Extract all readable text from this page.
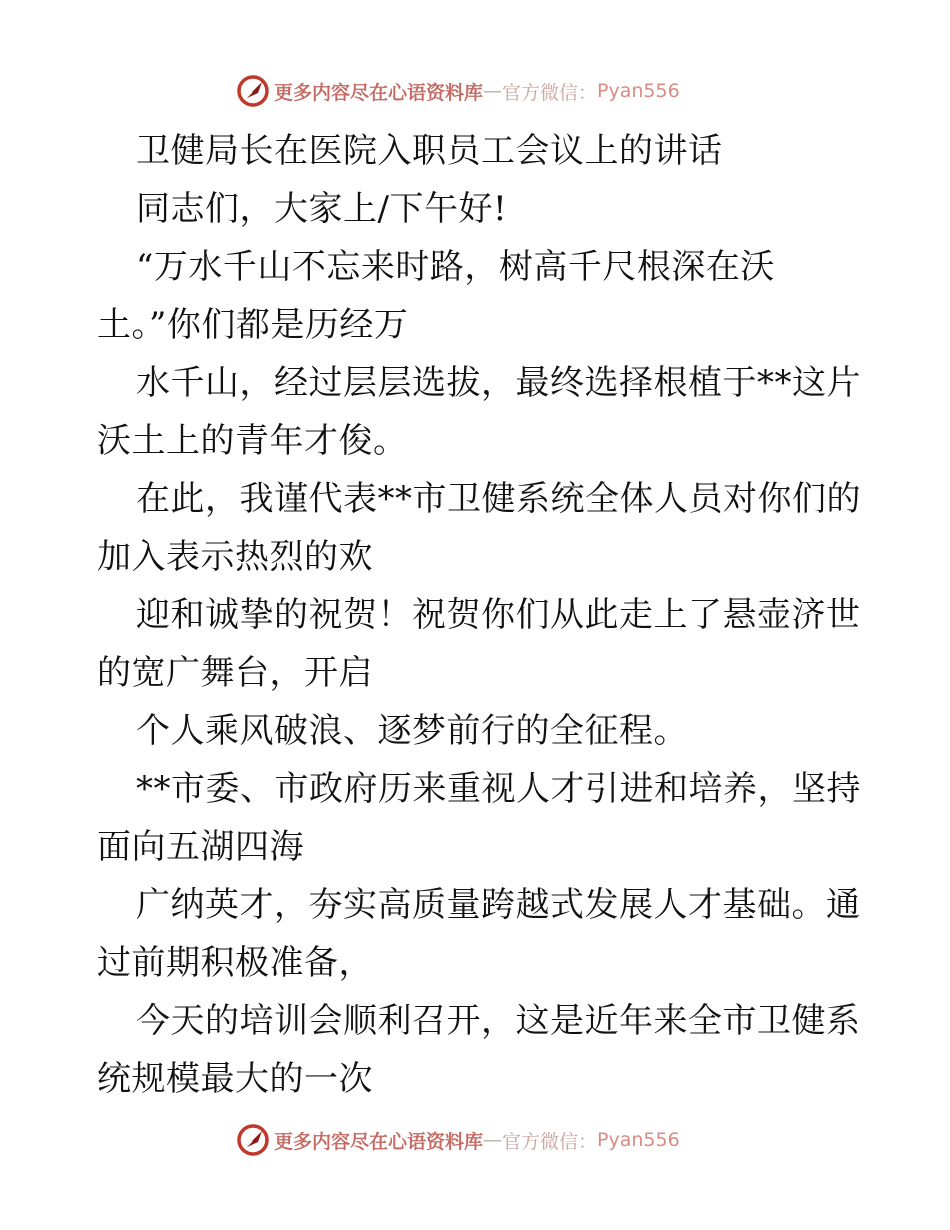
更多内容尽在心语资料库 — 官方微信： Pyan556

卫健局长在医院入职员工会议上的讲话

同志们，大家上/下午好!

“万水千山不忘来时路，树高千尺根深在沃

土。”你们都是历经万

水千山，经过层层选拔，最终选择根植于**这片

沃土上的青年才俊。

在此，我谨代表**市卫健系统全体人员对你们的

加入表示热烈的欢

迎和诚挚的祝贺！祝贺你们从此走上了悬壶济世

的宽广舞台，开启

个人乘风破浪、逐梦前行的全征程。

**市委、市政府历来重视人才引进和培养，坚持

面向五湖四海

广纳英才，夯实高质量跨越式发展人才基础。通

过前期积极准备，

今天的培训会顺利召开，这是近年来全市卫健系

统规模最大的一次

更多内容尽在心语资料库 — 官方微信： Pyan556
